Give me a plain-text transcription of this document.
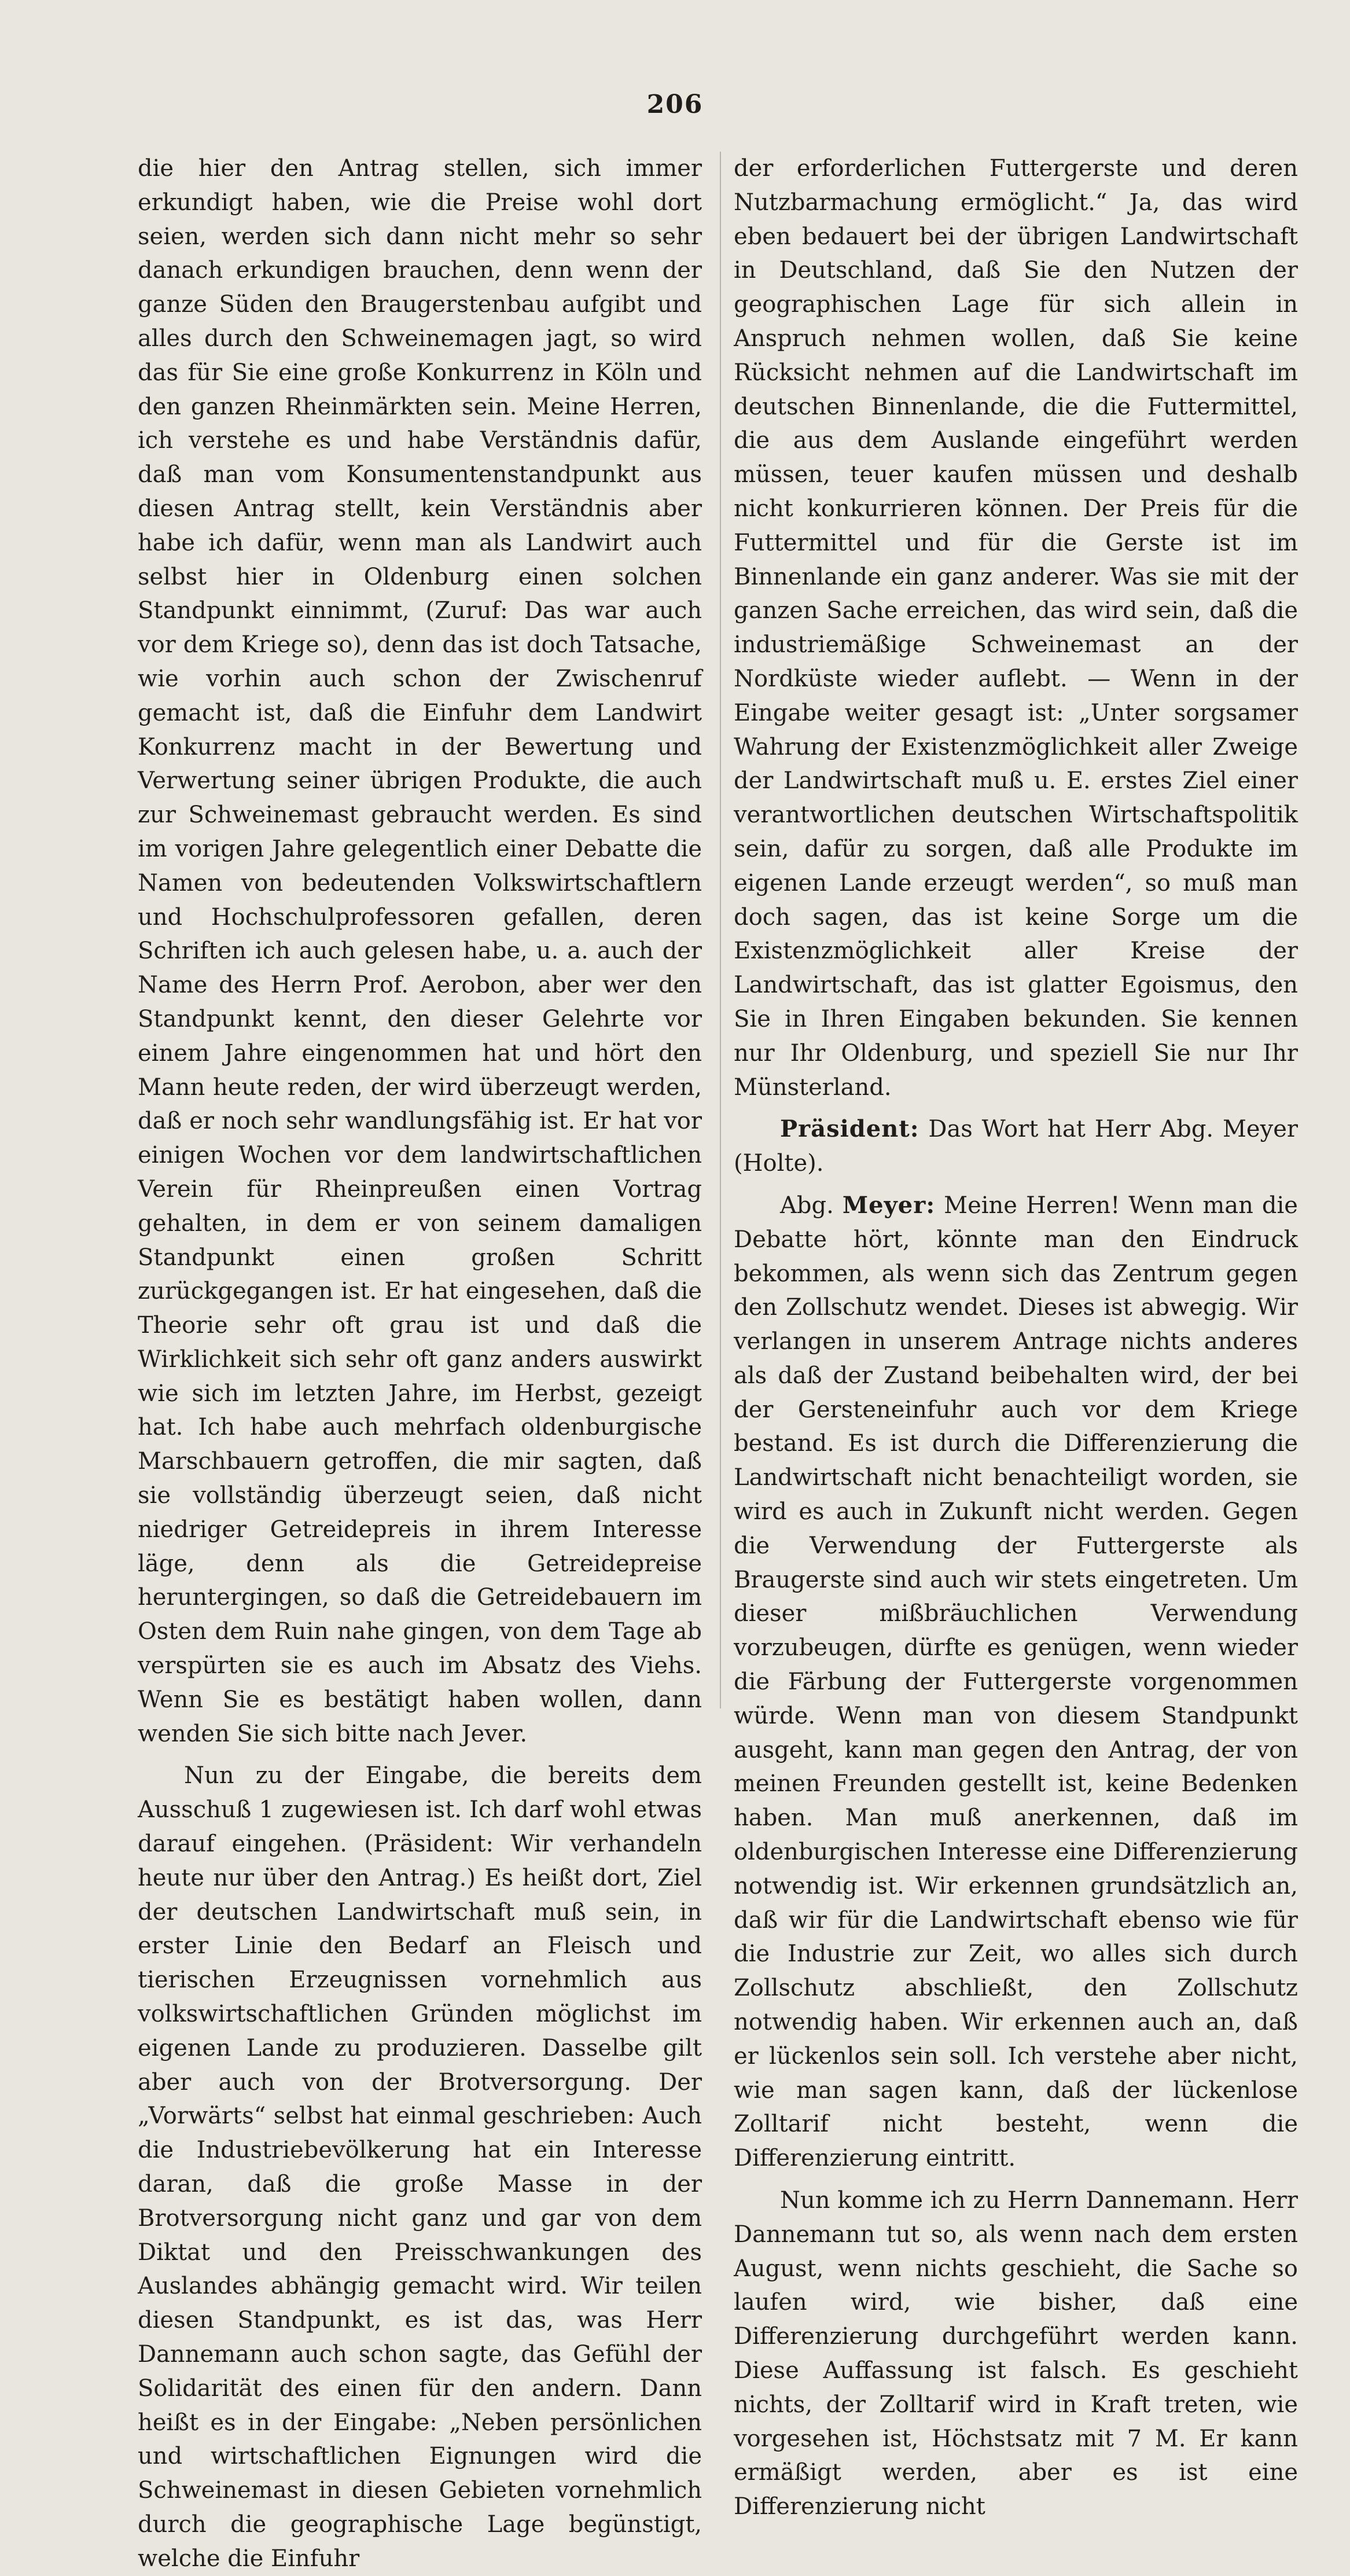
206

die hier den Antrag stellen, sich immer erkundigt haben, wie die Preise wohl dort seien, werden sich dann nicht mehr so sehr danach erkundigen brauchen, denn wenn der ganze Süden den Braugerstenbau aufgibt und alles durch den Schweinemagen jagt, so wird das für Sie eine große Konkurrenz in Köln und den ganzen Rheinmärkten sein. Meine Herren, ich verstehe es und habe Verständnis dafür, daß man vom Konsumentenstandpunkt aus diesen Antrag stellt, kein Verständnis aber habe ich dafür, wenn man als Landwirt auch selbst hier in Oldenburg einen solchen Standpunkt einnimmt, (Zuruf: Das war auch vor dem Kriege so), denn das ist doch Tatsache, wie vorhin auch schon der Zwischenruf gemacht ist, daß die Einfuhr dem Landwirt Konkurrenz macht in der Bewertung und Verwertung seiner übrigen Produkte, die auch zur Schweinemast gebraucht werden. Es sind im vorigen Jahre gelegentlich einer Debatte die Namen von bedeutenden Volkswirtschaftlern und Hochschulprofessoren gefallen, deren Schriften ich auch gelesen habe, u. a. auch der Name des Herrn Prof. Aerobon, aber wer den Standpunkt kennt, den dieser Gelehrte vor einem Jahre eingenommen hat und hört den Mann heute reden, der wird überzeugt werden, daß er noch sehr wandlungsfähig ist. Er hat vor einigen Wochen vor dem landwirtschaftlichen Verein für Rheinpreußen einen Vortrag gehalten, in dem er von seinem damaligen Standpunkt einen großen Schritt zurückgegangen ist. Er hat eingesehen, daß die Theorie sehr oft grau ist und daß die Wirklichkeit sich sehr oft ganz anders auswirkt wie sich im letzten Jahre, im Herbst, gezeigt hat. Ich habe auch mehrfach oldenburgische Marschbauern getroffen, die mir sagten, daß sie vollständig überzeugt seien, daß nicht niedriger Getreidepreis in ihrem Interesse läge, denn als die Getreidepreise heruntergingen, so daß die Getreidebauern im Osten dem Ruin nahe gingen, von dem Tage ab verspürten sie es auch im Absatz des Viehs. Wenn Sie es bestätigt haben wollen, dann wenden Sie sich bitte nach Jever.

Nun zu der Eingabe, die bereits dem Ausschuß 1 zugewiesen ist. Ich darf wohl etwas darauf eingehen. (Präsident: Wir verhandeln heute nur über den Antrag.) Es heißt dort, Ziel der deutschen Landwirtschaft muß sein, in erster Linie den Bedarf an Fleisch und tierischen Erzeugnissen vornehmlich aus volkswirtschaftlichen Gründen möglichst im eigenen Lande zu produzieren. Dasselbe gilt aber auch von der Brotversorgung. Der „Vorwärts“ selbst hat einmal geschrieben: Auch die Industriebevölkerung hat ein Interesse daran, daß die große Masse in der Brotversorgung nicht ganz und gar von dem Diktat und den Preisschwankungen des Auslandes abhängig gemacht wird. Wir teilen diesen Standpunkt, es ist das, was Herr Dannemann auch schon sagte, das Gefühl der Solidarität des einen für den andern. Dann heißt es in der Eingabe: „Neben persönlichen und wirtschaftlichen Eignungen wird die Schweinemast in diesen Gebieten vornehmlich durch die geographische Lage begünstigt, welche die Einfuhr

der erforderlichen Futtergerste und deren Nutzbarmachung ermöglicht.“ Ja, das wird eben bedauert bei der übrigen Landwirtschaft in Deutschland, daß Sie den Nutzen der geographischen Lage für sich allein in Anspruch nehmen wollen, daß Sie keine Rücksicht nehmen auf die Landwirtschaft im deutschen Binnenlande, die die Futtermittel, die aus dem Auslande eingeführt werden müssen, teuer kaufen müssen und deshalb nicht konkurrieren können. Der Preis für die Futtermittel und für die Gerste ist im Binnenlande ein ganz anderer. Was sie mit der ganzen Sache erreichen, das wird sein, daß die industriemäßige Schweinemast an der Nordküste wieder auflebt. — Wenn in der Eingabe weiter gesagt ist: „Unter sorgsamer Wahrung der Existenzmöglichkeit aller Zweige der Landwirtschaft muß u. E. erstes Ziel einer verantwortlichen deutschen Wirtschaftspolitik sein, dafür zu sorgen, daß alle Produkte im eigenen Lande erzeugt werden“, so muß man doch sagen, das ist keine Sorge um die Existenzmöglichkeit aller Kreise der Landwirtschaft, das ist glatter Egoismus, den Sie in Ihren Eingaben bekunden. Sie kennen nur Ihr Oldenburg, und speziell Sie nur Ihr Münsterland.

Präsident: Das Wort hat Herr Abg. Meyer (Holte).

Abg. Meyer: Meine Herren! Wenn man die Debatte hört, könnte man den Eindruck bekommen, als wenn sich das Zentrum gegen den Zollschutz wendet. Dieses ist abwegig. Wir verlangen in unserem Antrage nichts anderes als daß der Zustand beibehalten wird, der bei der Gersteneinfuhr auch vor dem Kriege bestand. Es ist durch die Differenzierung die Landwirtschaft nicht benachteiligt worden, sie wird es auch in Zukunft nicht werden. Gegen die Verwendung der Futtergerste als Braugerste sind auch wir stets eingetreten. Um dieser mißbräuchlichen Verwendung vorzubeugen, dürfte es genügen, wenn wieder die Färbung der Futtergerste vorgenommen würde. Wenn man von diesem Standpunkt ausgeht, kann man gegen den Antrag, der von meinen Freunden gestellt ist, keine Bedenken haben. Man muß anerkennen, daß im oldenburgischen Interesse eine Differenzierung notwendig ist. Wir erkennen grundsätzlich an, daß wir für die Landwirtschaft ebenso wie für die Industrie zur Zeit, wo alles sich durch Zollschutz abschließt, den Zollschutz notwendig haben. Wir erkennen auch an, daß er lückenlos sein soll. Ich verstehe aber nicht, wie man sagen kann, daß der lückenlose Zolltarif nicht besteht, wenn die Differenzierung eintritt.

Nun komme ich zu Herrn Dannemann. Herr Dannemann tut so, als wenn nach dem ersten August, wenn nichts geschieht, die Sache so laufen wird, wie bisher, daß eine Differenzierung durchgeführt werden kann. Diese Auffassung ist falsch. Es geschieht nichts, der Zolltarif wird in Kraft treten, wie vorgesehen ist, Höchstsatz mit 7 M. Er kann ermäßigt werden, aber es ist eine Differenzierung nicht
